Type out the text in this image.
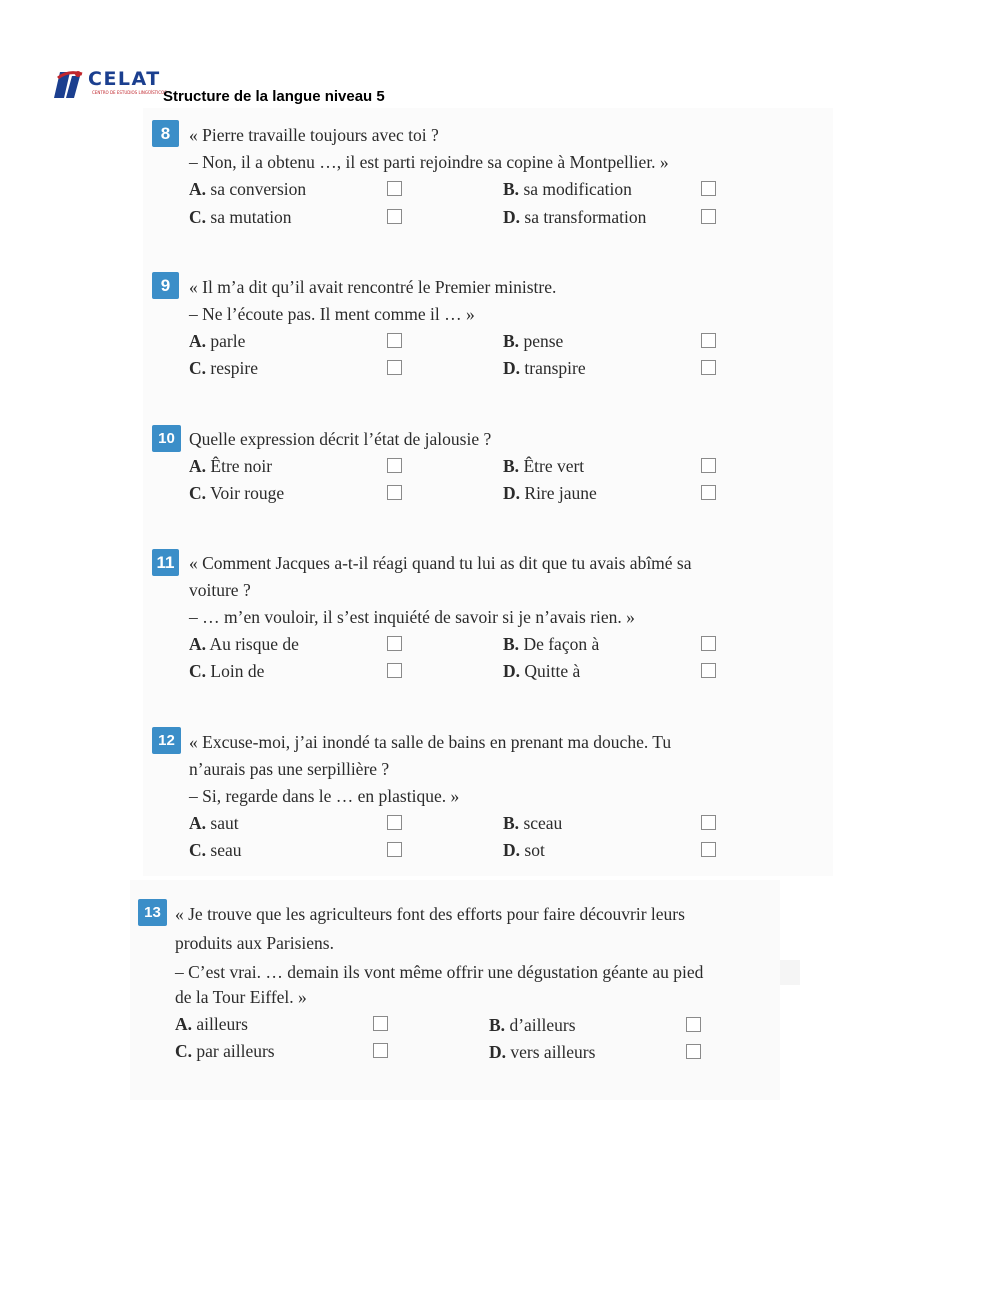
CELAT
CENTRO DE ESTUDIOS LINGÜÍSTICOS
Structure de la langue niveau 5
8	« Pierre travaille toujours avec toi ?
– Non, il a obtenu …, il est parti rejoindre sa copine à Montpellier. »
A. sa conversion	B. sa modification
C. sa mutation	D. sa transformation
9	« Il m’a dit qu’il avait rencontré le Premier ministre.
– Ne l’écoute pas. Il ment comme il … »
A. parle	B. pense
C. respire	D. transpire
10 Quelle expression décrit l’état de jalousie ?
A. Être noir	B. Être vert
C. Voir rouge	D. Rire jaune
11 « Comment Jacques a-t-il réagi quand tu lui as dit que tu avais abîmé sa
voiture ?
– … m’en vouloir, il s’est inquiété de savoir si je n’avais rien. »
A. Au risque de	B. De façon à
C. Loin de	D. Quitte à
12 « Excuse-moi, j’ai inondé ta salle de bains en prenant ma douche. Tu
n’aurais pas une serpillière ?
– Si, regarde dans le … en plastique. »
A. saut	B. sceau
C. seau	D. sot
13 « Je trouve que les agriculteurs font des efforts pour faire découvrir leurs
produits aux Parisiens.
– C’est vrai. … demain ils vont même offrir une dégustation géante au pied
de la Tour Eiffel. »
A. ailleurs	B. d’ailleurs
C. par ailleurs	D. vers ailleurs
